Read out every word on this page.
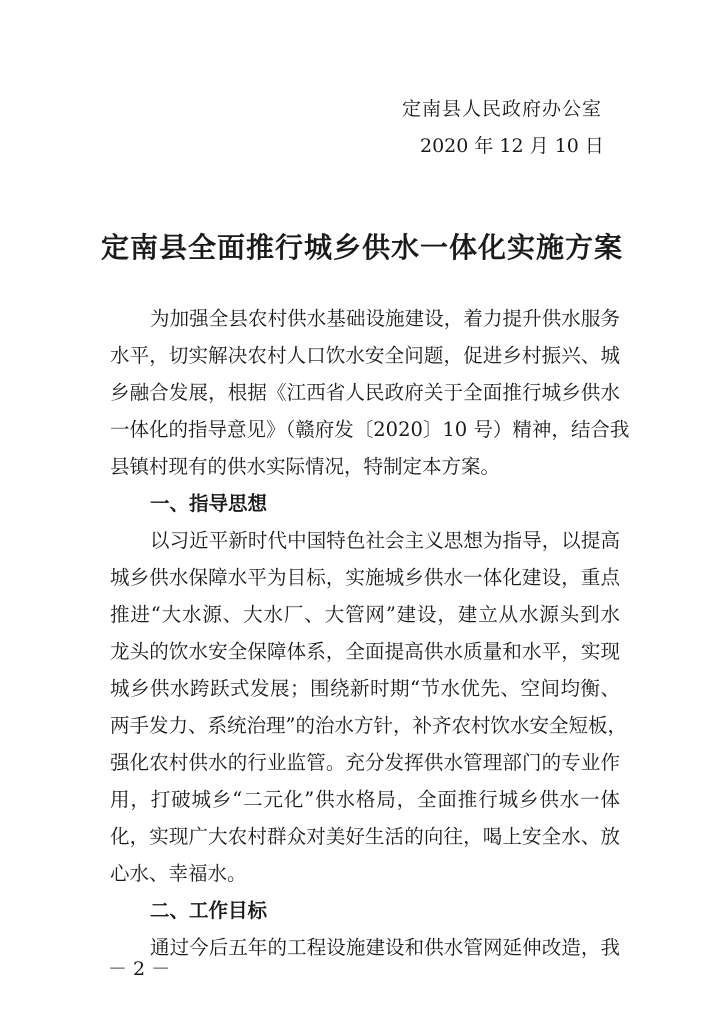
定南县人民政府办公室
2020 年 12 月 10 日
定南县全面推行城乡供水一体化实施方案
为加强全县农村供水基础设施建设，着力提升供水服务
水平，切实解决农村人口饮水安全问题，促进乡村振兴、城
乡融合发展，根据《江西省人民政府关于全面推行城乡供水
一体化的指导意见》（赣府发〔2020〕10 号）精神，结合我
县镇村现有的供水实际情况，特制定本方案。
一、指导思想
以习近平新时代中国特色社会主义思想为指导，以提高
城乡供水保障水平为目标，实施城乡供水一体化建设，重点
推进“大水源、大水厂、大管网”建设，建立从水源头到水
龙头的饮水安全保障体系，全面提高供水质量和水平，实现
城乡供水跨跃式发展；围绕新时期“节水优先、空间均衡、
两手发力、系统治理”的治水方针，补齐农村饮水安全短板，
强化农村供水的行业监管。充分发挥供水管理部门的专业作
用，打破城乡“二元化”供水格局，全面推行城乡供水一体
化，实现广大农村群众对美好生活的向往，喝上安全水、放
心水、幸福水。
二、工作目标
通过今后五年的工程设施建设和供水管网延伸改造，我
－ 2 －
